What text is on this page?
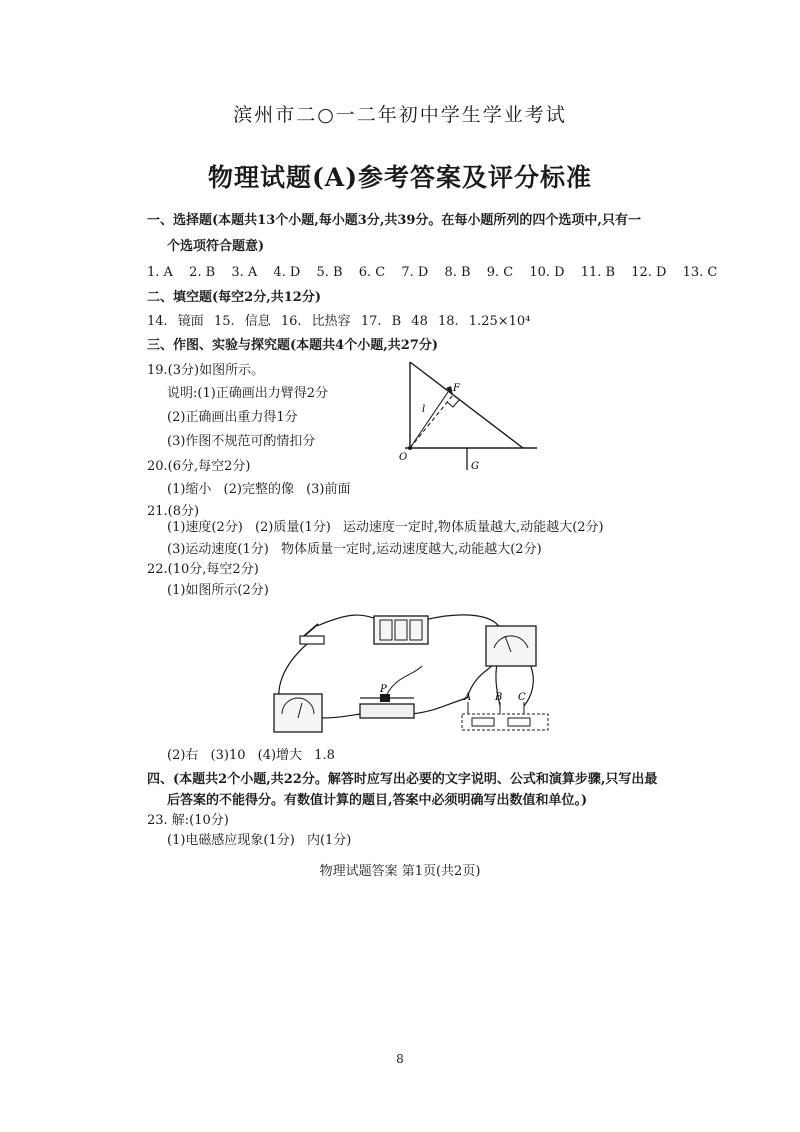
滨州市二○一二年初中学生学业考试
物理试题(A)参考答案及评分标准
一、选择题(本题共13个小题,每小题3分,共39分。在每小题所列的四个选项中,只有一
个选项符合题意)
1. A 2. B 3. A 4. D 5. B 6. C 7. D 8. B 9. C 10. D 11. B 12. D 13. C
二、填空题(每空2分,共12分)
14. 镜面 15. 信息 16. 比热容 17. B 48 18. 1.25×10⁴
三、作图、实验与探究题(本题共4个小题,共27分)
19.(3分)如图所示。
说明:(1)正确画出力臂得2分
(2)正确画出重力得1分
(3)作图不规范可酌情扣分
F
l
O
G
20.(6分,每空2分)
(1)缩小 (2)完整的像 (3)前面
21.(8分)
(1)速度(2分) (2)质量(1分) 运动速度一定时,物体质量越大,动能越大(2分)
(3)运动速度(1分) 物体质量一定时,运动速度越大,动能越大(2分)
22.(10分,每空2分)
(1)如图所示(2分)
P
A B C
(2)右 (3)10 (4)增大 1.8
四、(本题共2个小题,共22分。解答时应写出必要的文字说明、公式和演算步骤,只写出最
后答案的不能得分。有数值计算的题目,答案中必须明确写出数值和单位。)
23. 解:(10分)
(1)电磁感应现象(1分) 内(1分)
物理试题答案 第1页(共2页)
8
